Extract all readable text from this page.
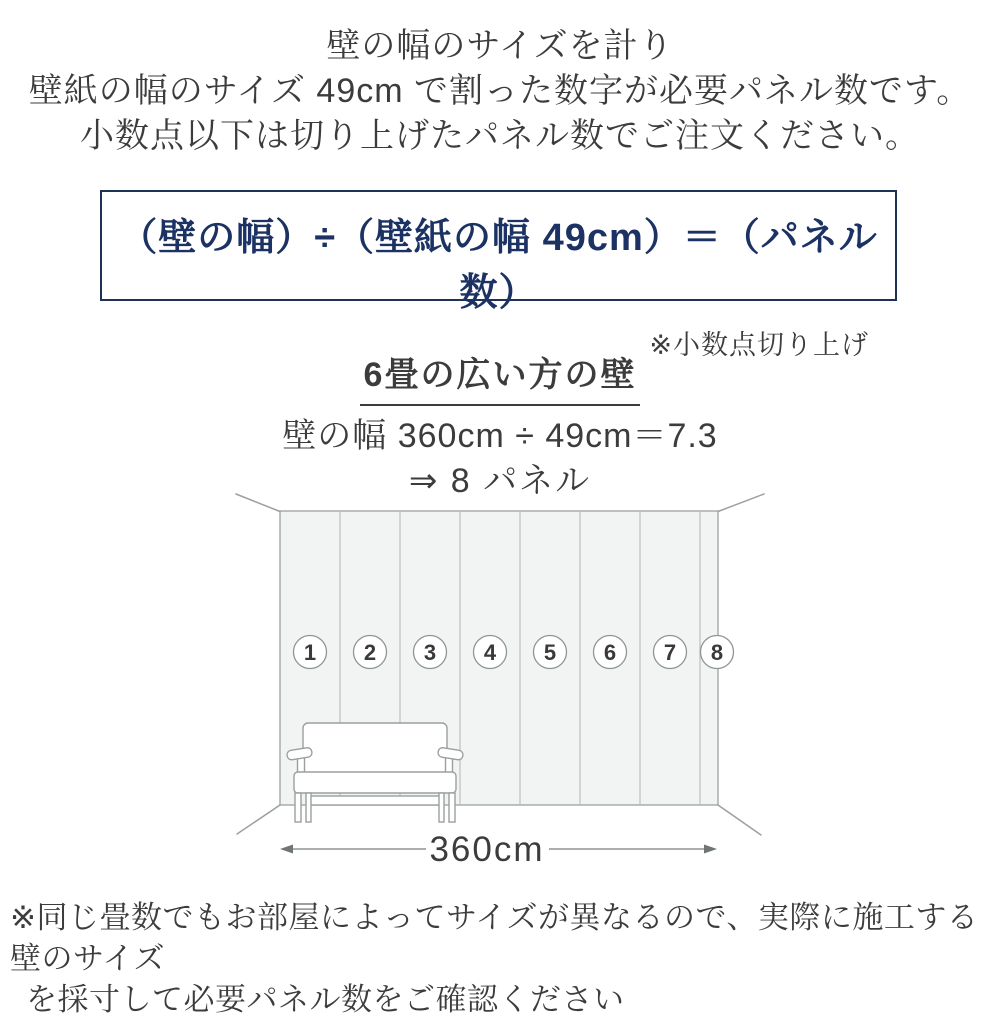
壁の幅のサイズを計り
壁紙の幅のサイズ 49cm で割った数字が必要パネル数です。
小数点以下は切り上げたパネル数でご注文ください。
（壁の幅）÷（壁紙の幅 49cm）＝（パネル数）
※小数点切り上げ
6畳の広い方の壁
壁の幅 360cm ÷ 49cm＝7.3
⇒ 8 パネル
1 2 3 4 5 6 7 8
360cm
※同じ畳数でもお部屋によってサイズが異なるので、実際に施工する壁のサイズ
を採寸して必要パネル数をご確認ください
